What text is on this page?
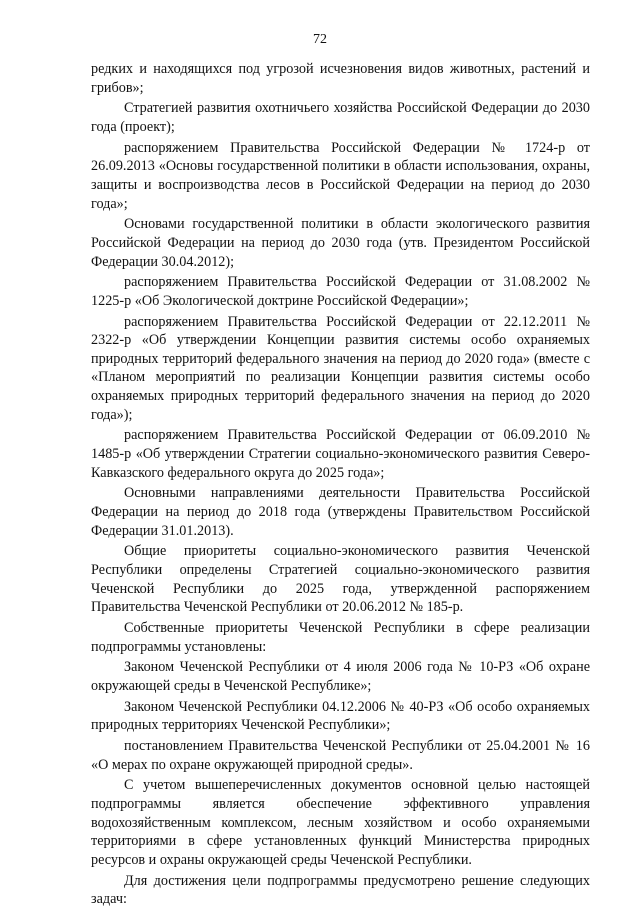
72

редких и находящихся под угрозой исчезновения видов животных, растений и грибов»;

Стратегией развития охотничьего хозяйства Российской Федерации до 2030 года (проект);

распоряжением Правительства Российской Федерации № 1724-р от 26.09.2013 «Основы государственной политики в области использования, охраны, защиты и воспроизводства лесов в Российской Федерации на период до 2030 года»;

Основами государственной политики в области экологического развития Российской Федерации на период до 2030 года (утв. Президентом Российской Федерации 30.04.2012);

распоряжением Правительства Российской Федерации от 31.08.2002 № 1225-р «Об Экологической доктрине Российской Федерации»;

распоряжением Правительства Российской Федерации от 22.12.2011 № 2322-р «Об утверждении Концепции развития системы особо охраняемых природных территорий федерального значения на период до 2020 года» (вместе с «Планом мероприятий по реализации Концепции развития системы особо охраняемых природных территорий федерального значения на период до 2020 года»);

распоряжением Правительства Российской Федерации от 06.09.2010 № 1485-р «Об утверждении Стратегии социально-экономического развития Северо-Кавказского федерального округа до 2025 года»;

Основными направлениями деятельности Правительства Российской Федерации на период до 2018 года (утверждены Правительством Российской Федерации 31.01.2013).

Общие приоритеты социально-экономического развития Чеченской Республики определены Стратегией социально-экономического развития Чеченской Республики до 2025 года, утвержденной распоряжением Правительства Чеченской Республики от 20.06.2012 № 185-р.

Собственные приоритеты Чеченской Республики в сфере реализации подпрограммы установлены:

Законом Чеченской Республики от 4 июля 2006 года № 10-РЗ «Об охране окружающей среды в Чеченской Республике»;

Законом Чеченской Республики 04.12.2006 № 40-РЗ «Об особо охраняемых природных территориях Чеченской Республики»;

постановлением Правительства Чеченской Республики от 25.04.2001 № 16 «О мерах по охране окружающей природной среды».

С учетом вышеперечисленных документов основной целью настоящей подпрограммы является обеспечение эффективного управления водохозяйственным комплексом, лесным хозяйством и особо охраняемыми территориями в сфере установленных функций Министерства природных ресурсов и охраны окружающей среды Чеченской Республики.

Для достижения цели подпрограммы предусмотрено решение следующих задач:
